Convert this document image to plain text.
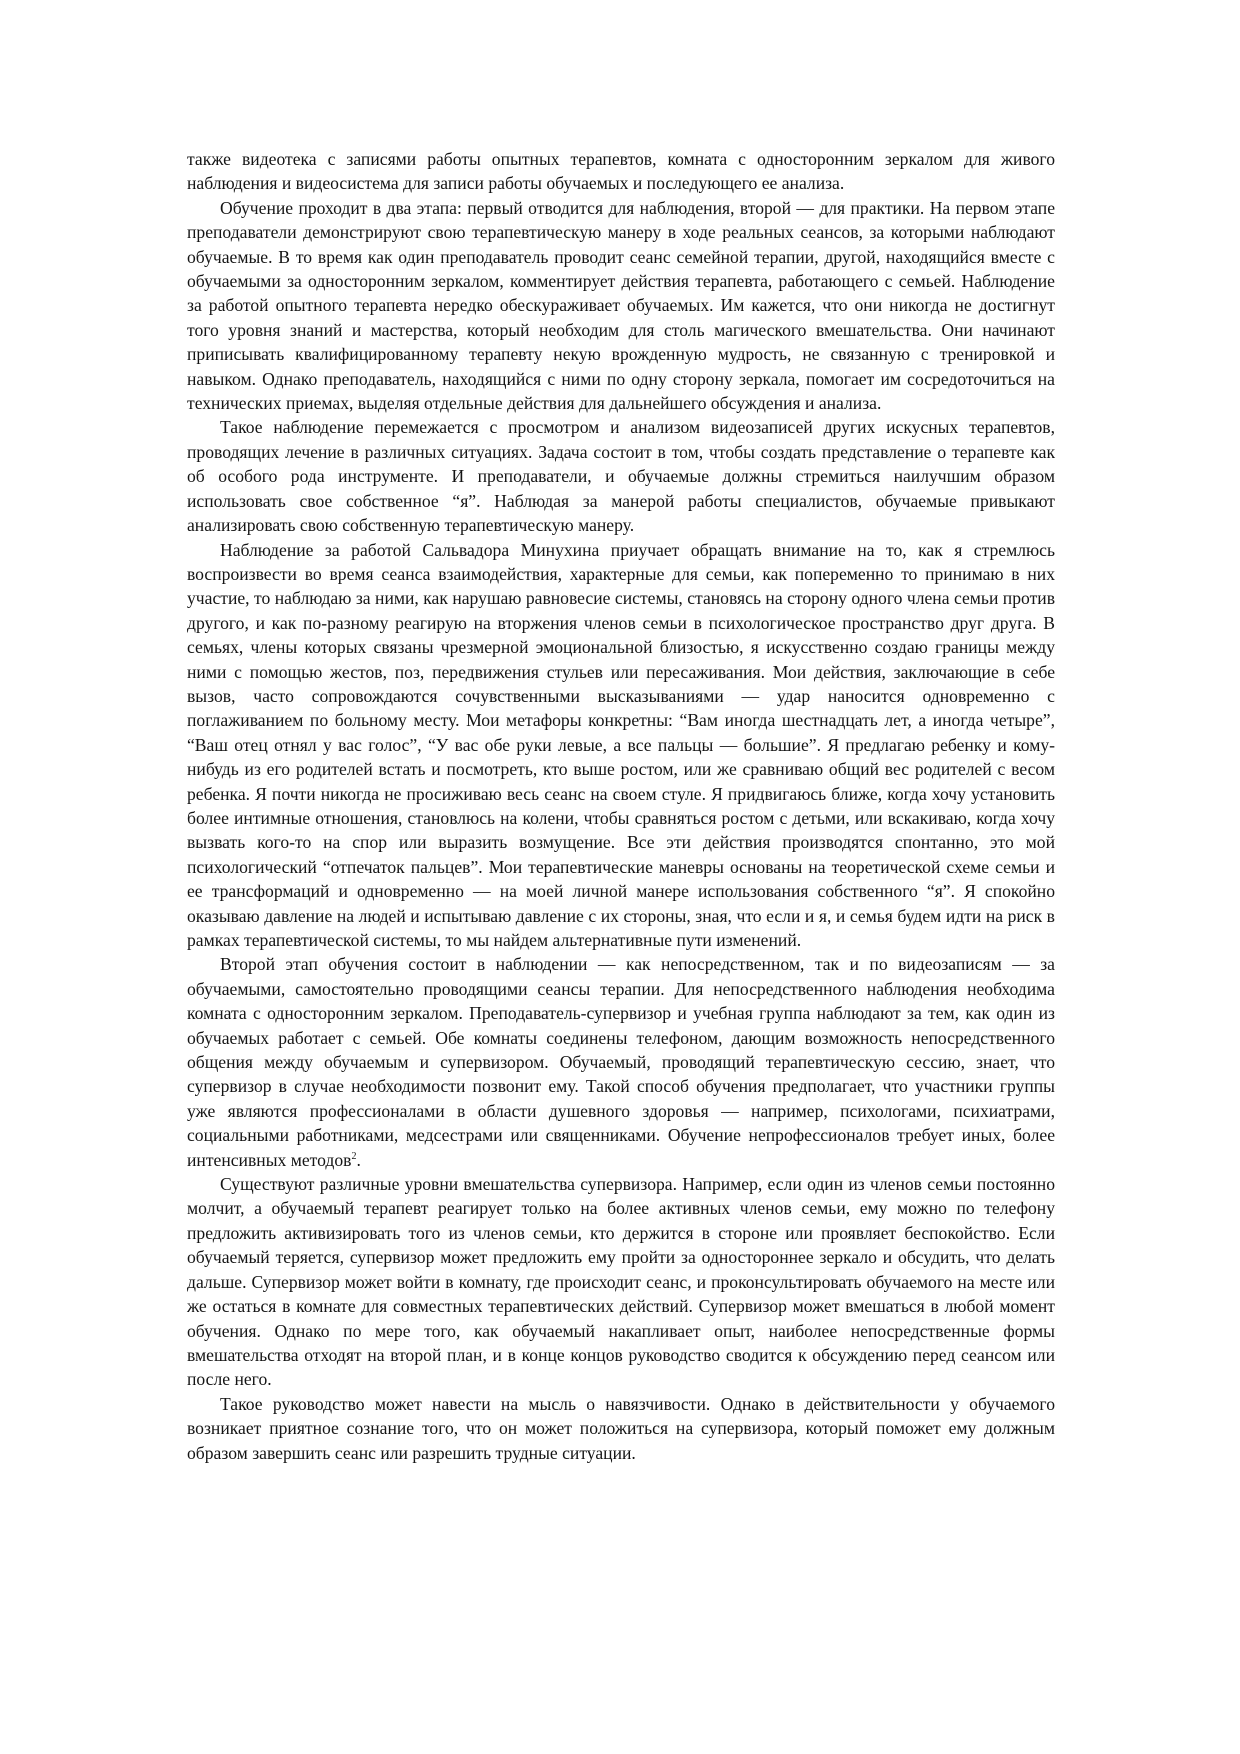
также видеотека с записями работы опытных терапевтов, комната с односторонним зеркалом для живого наблюдения и видеосистема для записи работы обучаемых и последующего ее анализа.

Обучение проходит в два этапа: первый отводится для наблюдения, второй — для практики. На первом этапе преподаватели демонстрируют свою терапевтическую манеру в ходе реальных сеансов, за которыми наблюдают обучаемые. В то время как один преподаватель проводит сеанс семейной терапии, другой, находящийся вместе с обучаемыми за односторонним зеркалом, комментирует действия терапевта, работающего с семьей. Наблюдение за работой опытного терапевта нередко обескураживает обучаемых. Им кажется, что они никогда не достигнут того уровня знаний и мастерства, который необходим для столь магического вмешательства. Они начинают приписывать квалифицированному терапевту некую врожденную мудрость, не связанную с тренировкой и навыком. Однако преподаватель, находящийся с ними по одну сторону зеркала, помогает им сосредоточиться на технических приемах, выделяя отдельные действия для дальнейшего обсуждения и анализа.

Такое наблюдение перемежается с просмотром и анализом видеозаписей других искусных терапевтов, проводящих лечение в различных ситуациях. Задача состоит в том, чтобы создать представление о терапевте как об особого рода инструменте. И преподаватели, и обучаемые должны стремиться наилучшим образом использовать свое собственное “я”. Наблюдая за манерой работы специалистов, обучаемые привыкают анализировать свою собственную терапевтическую манеру.

Наблюдение за работой Сальвадора Минухина приучает обращать внимание на то, как я стремлюсь воспроизвести во время сеанса взаимодействия, характерные для семьи, как попеременно то принимаю в них участие, то наблюдаю за ними, как нарушаю равновесие системы, становясь на сторону одного члена семьи против другого, и как по-разному реагирую на вторжения членов семьи в психологическое пространство друг друга. В семьях, члены которых связаны чрезмерной эмоциональной близостью, я искусственно создаю границы между ними с помощью жестов, поз, передвижения стульев или пересаживания. Мои действия, заключающие в себе вызов, часто сопровождаются сочувственными высказываниями — удар наносится одновременно с поглаживанием по больному месту. Мои метафоры конкретны: “Вам иногда шестнадцать лет, а иногда четыре”, “Ваш отец отнял у вас голос”, “У вас обе руки левые, а все пальцы — большие”. Я предлагаю ребенку и кому-нибудь из его родителей встать и посмотреть, кто выше ростом, или же сравниваю общий вес родителей с весом ребенка. Я почти никогда не просиживаю весь сеанс на своем стуле. Я придвигаюсь ближе, когда хочу установить более интимные отношения, становлюсь на колени, чтобы сравняться ростом с детьми, или вскакиваю, когда хочу вызвать кого-то на спор или выразить возмущение. Все эти действия производятся спонтанно, это мой психологический “отпечаток пальцев”. Мои терапевтические маневры основаны на теоретической схеме семьи и ее трансформаций и одновременно — на моей личной манере использования собственного “я”. Я спокойно оказываю давление на людей и испытываю давление с их стороны, зная, что если и я, и семья будем идти на риск в рамках терапевтической системы, то мы найдем альтернативные пути изменений.

Второй этап обучения состоит в наблюдении — как непосредственном, так и по видеозаписям — за обучаемыми, самостоятельно проводящими сеансы терапии. Для непосредственного наблюдения необходима комната с односторонним зеркалом. Преподаватель-супервизор и учебная группа наблюдают за тем, как один из обучаемых работает с семьей. Обе комнаты соединены телефоном, дающим возможность непосредственного общения между обучаемым и супервизором. Обучаемый, проводящий терапевтическую сессию, знает, что супервизор в случае необходимости позвонит ему. Такой способ обучения предполагает, что участники группы уже являются профессионалами в области душевного здоровья — например, психологами, психиатрами, социальными работниками, медсестрами или священниками. Обучение непрофессионалов требует иных, более интенсивных методов$^2$.

Существуют различные уровни вмешательства супервизора. Например, если один из членов семьи постоянно молчит, а обучаемый терапевт реагирует только на более активных членов семьи, ему можно по телефону предложить активизировать того из членов семьи, кто держится в стороне или проявляет беспокойство. Если обучаемый теряется, супервизор может предложить ему пройти за одностороннее зеркало и обсудить, что делать дальше. Супервизор может войти в комнату, где происходит сеанс, и проконсультировать обучаемого на месте или же остаться в комнате для совместных терапевтических действий. Супервизор может вмешаться в любой момент обучения. Однако по мере того, как обучаемый накапливает опыт, наиболее непосредственные формы вмешательства отходят на второй план, и в конце концов руководство сводится к обсуждению перед сеансом или после него.

Такое руководство может навести на мысль о навязчивости. Однако в действительности у обучаемого возникает приятное сознание того, что он может положиться на супервизора, который поможет ему должным образом завершить сеанс или разрешить трудные ситуации.
